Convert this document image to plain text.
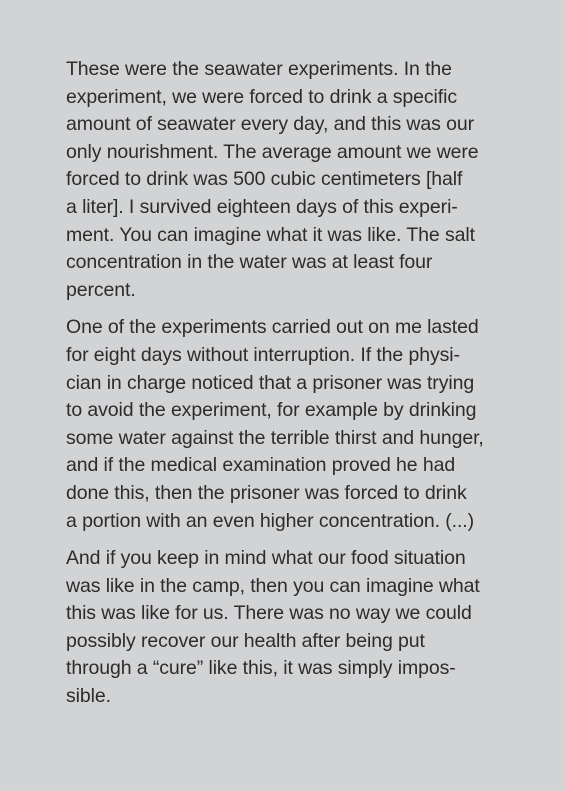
These were the seawater experiments. In the
experiment, we were forced to drink a specific
amount of seawater every day, and this was our
only nourishment. The average amount we were
forced to drink was 500 cubic centimeters [half
a liter]. I survived eighteen days of this experi-
ment. You can imagine what it was like. The salt
concentration in the water was at least four
percent.

One of the experiments carried out on me lasted
for eight days without interruption. If the physi-
cian in charge noticed that a prisoner was trying
to avoid the experiment, for example by drinking
some water against the terrible thirst and hunger,
and if the medical examination proved he had
done this, then the prisoner was forced to drink
a portion with an even higher concentration. (...)

And if you keep in mind what our food situation
was like in the camp, then you can imagine what
this was like for us. There was no way we could
possibly recover our health after being put
through a “cure” like this, it was simply impos-
sible.
